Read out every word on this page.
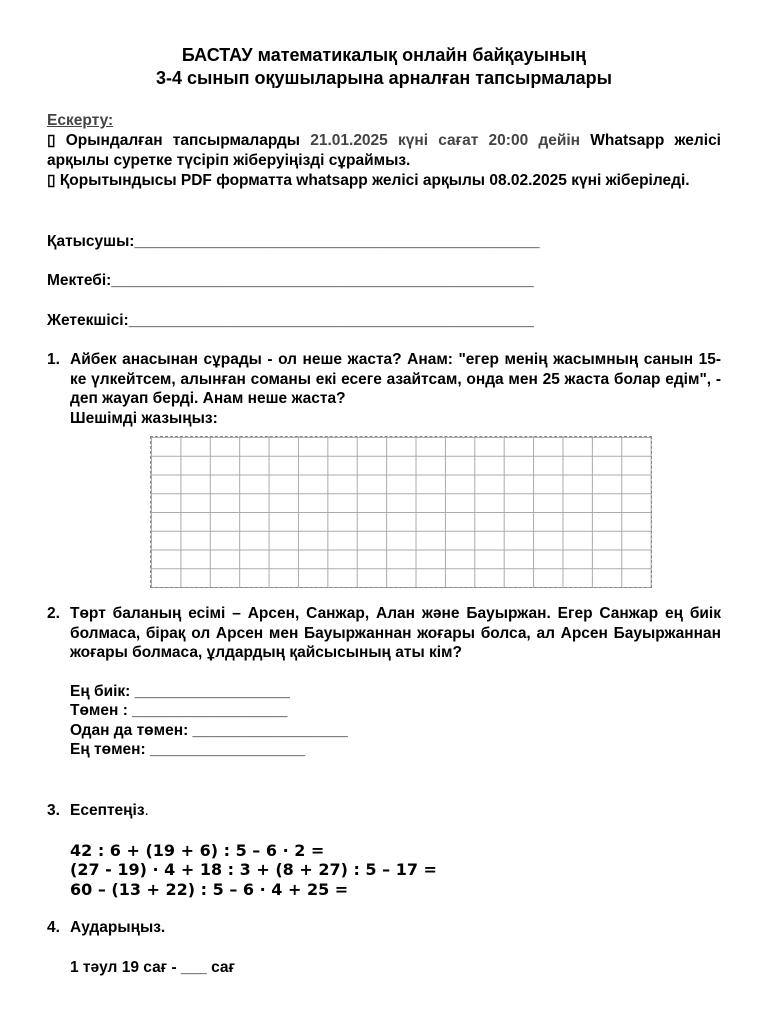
БАСТАУ математикалық онлайн байқауының
3-4 сынып оқушыларына арналған тапсырмалары
Ескерту:

▯ Орындалған тапсырмаларды 21.01.2025 күні сағат 20:00 дейін Whatsapp желісі арқылы суретке түсіріп жіберуіңізді сұраймыз.

▯ Қорытындысы PDF форматта whatsapp желісі арқылы 08.02.2025 күні жіберіледі.

Қатысушы:_______________________________________________
Мектебі:_________________________________________________
Жетекшісі:_______________________________________________
1. Айбек анасынан сұрады - ол неше жаста? Анам: "егер менің жасымның санын 15-ке үлкейтсем, алынған соманы екі есеге азайтсам, онда мен 25 жаста болар едім", - деп жауап берді. Анам неше жаста?
Шешімді жазыңыз:
2. Төрт баланың есімі – Арсен, Санжар, Алан және Бауыржан. Егер Санжар ең биік болмаса, бірақ ол Арсен мен Бауыржаннан жоғары болса, ал Арсен Бауыржаннан жоғары болмаса, ұлдардың қайсысының аты кім?
Ең биік: __________________
Төмен : __________________
Одан да төмен: __________________
Ең төмен: __________________
3. Есептеңіз.
42 : 6 + (19 + 6) : 5 – 6 · 2 =
(27 - 19) · 4 + 18 : 3 + (8 + 27) : 5 – 17 =
60 – (13 + 22) : 5 – 6 · 4 + 25 =
4. Аударыңыз.
1 тәул 19 сағ - ___ сағ
